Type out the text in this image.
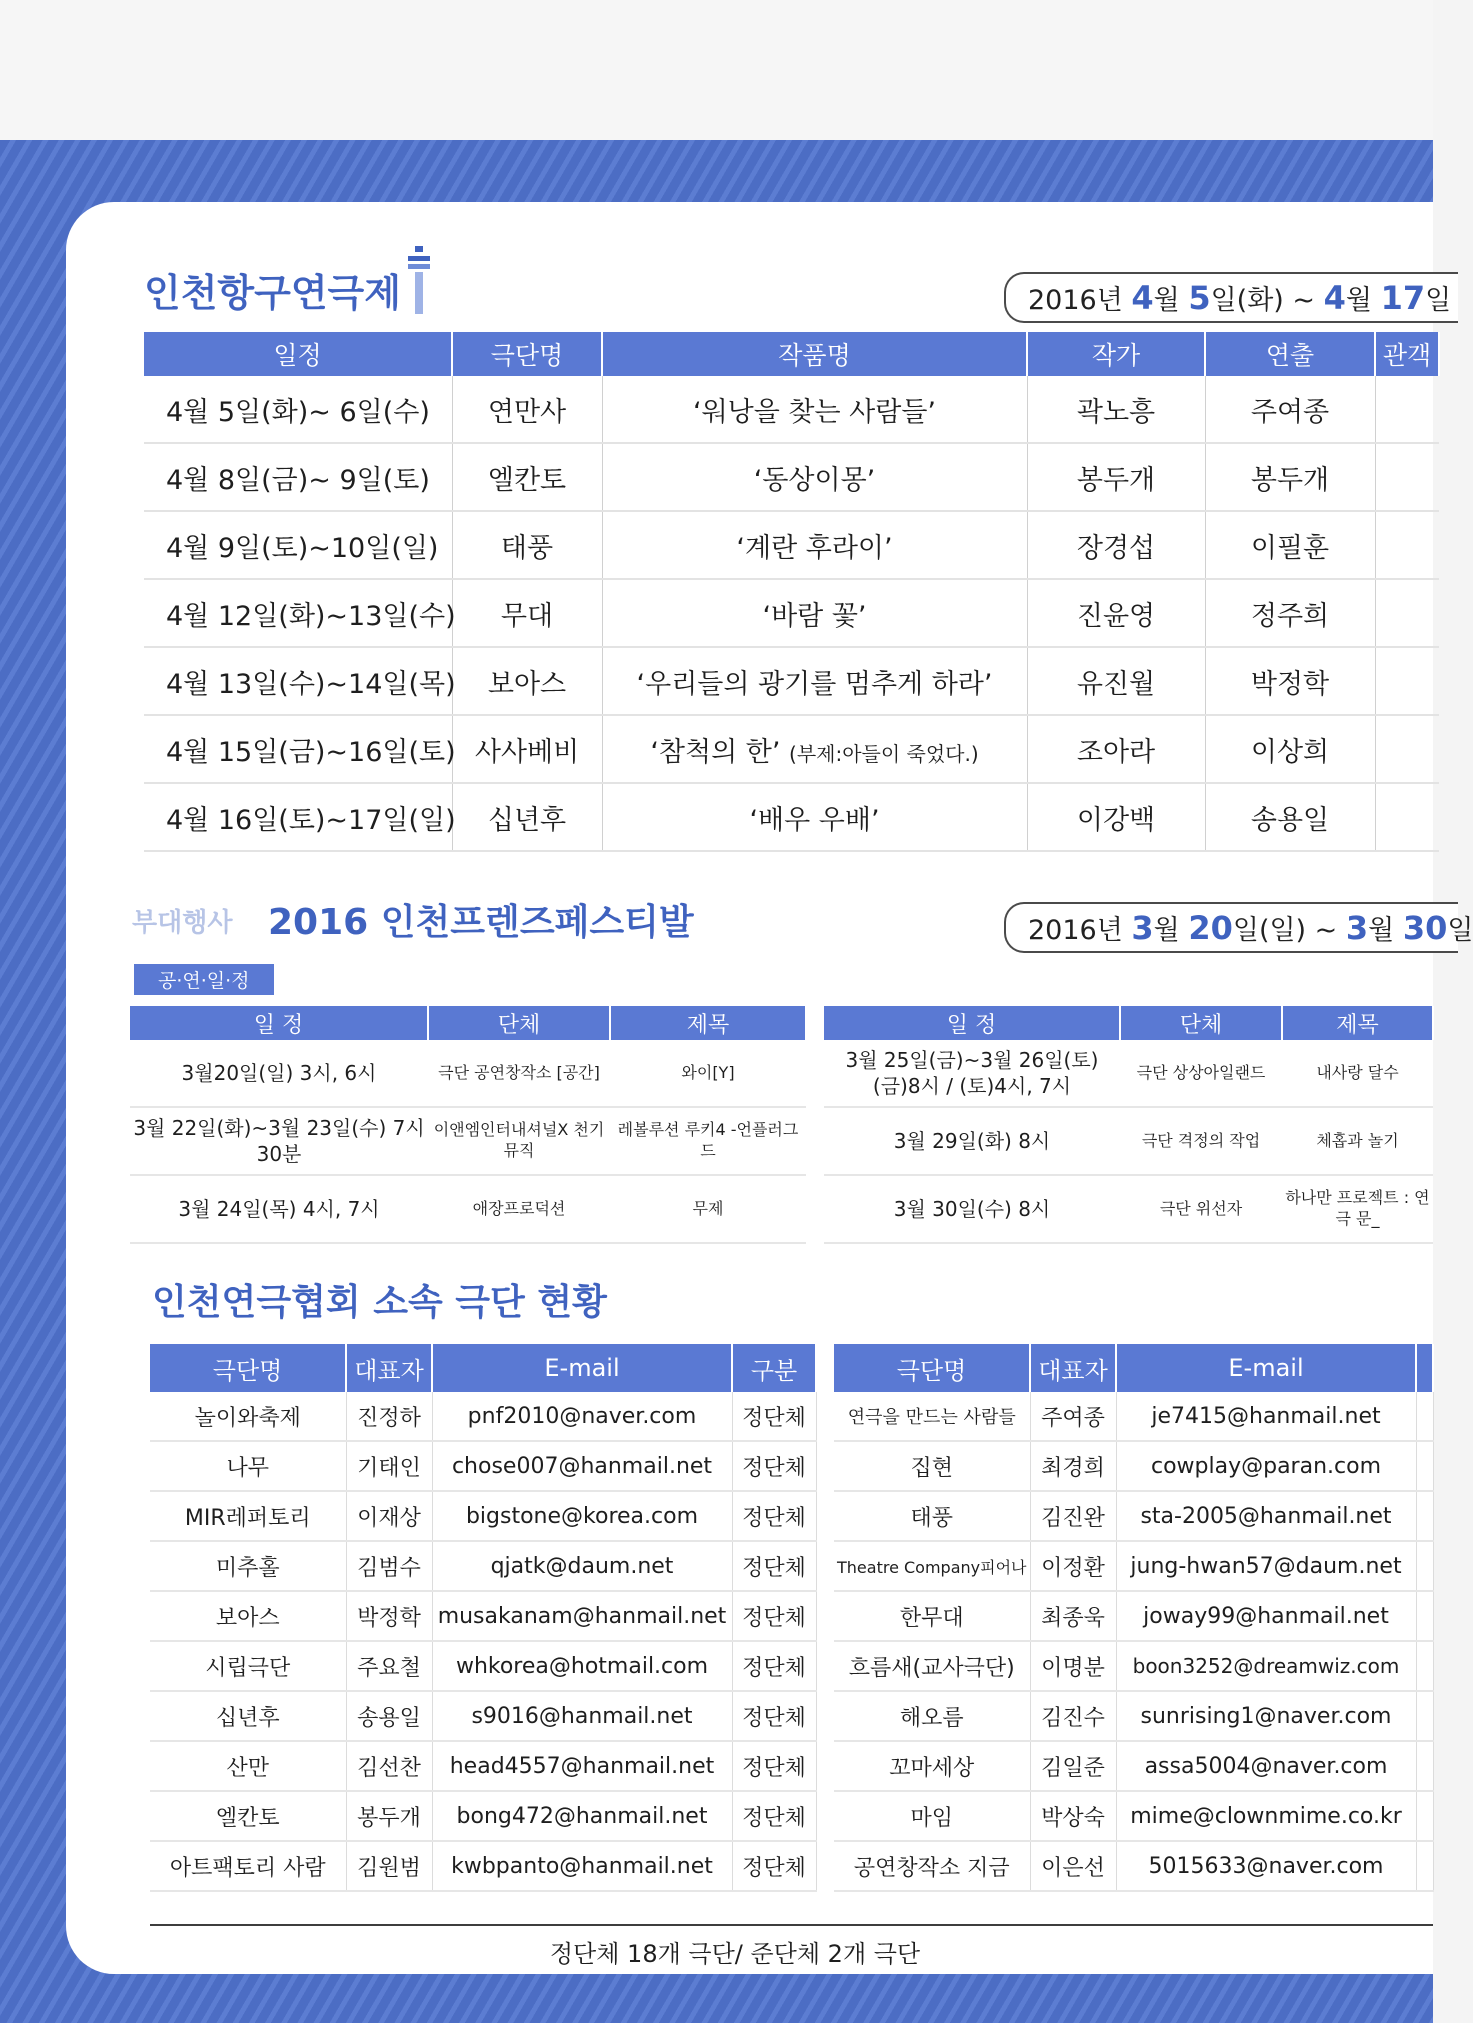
인천항구연극제	2016년 4월 5일(화) ~ 4월 17일
일정	극단명	작품명	작가	연출	관객
4월 5일(화)~ 6일(수)	연만사	‘워낭을 찾는 사람들’	곽노흥	주여종	
4월 8일(금)~ 9일(토)	엘칸토	‘동상이몽’	봉두개	봉두개	
4월 9일(토)~10일(일)	태풍	‘계란 후라이’	장경섭	이필훈	
4월 12일(화)~13일(수)	무대	‘바람 꽃’	진윤영	정주희	
4월 13일(수)~14일(목)	보아스	‘우리들의 광기를 멈추게 하라’	유진월	박정학	
4월 15일(금)~16일(토)	사사베비	‘참척의 한’ (부제:아들이 죽었다.)	조아라	이상희	
4월 16일(토)~17일(일)	십년후	‘배우 우배’	이강백	송용일	
부대행사 2016 인천프렌즈페스티발	2016년 3월 20일(일) ~ 3월 30일
공·연·일·정
일 정	단체	제목
3월20일(일) 3시, 6시	극단 공연창작소 [공간]	와이[Y]
3월 22일(화)~3월 23일(수) 7시 30분	이앤엠인터내셔널X 천기뮤직	레볼루션 루키4 -언플러그드
3월 24일(목) 4시, 7시	애장프로덕션	무제
일 정	단체	제목
3월 25일(금)~3월 26일(토) (금)8시 / (토)4시, 7시	극단 상상아일랜드	내사랑 달수
3월 29일(화) 8시	극단 격정의 작업	체홉과 놀기
3월 30일(수) 8시	극단 위선자	하나만 프로젝트 : 연극 문_
인천연극협회 소속 극단 현황
극단명	대표자	E-mail	구분
놀이와축제	진정하	pnf2010@naver.com	정단체
나무	기태인	chose007@hanmail.net	정단체
MIR레퍼토리	이재상	bigstone@korea.com	정단체
미추홀	김범수	qjatk@daum.net	정단체
보아스	박정학	musakanam@hanmail.net	정단체
시립극단	주요철	whkorea@hotmail.com	정단체
십년후	송용일	s9016@hanmail.net	정단체
산만	김선찬	head4557@hanmail.net	정단체
엘칸토	봉두개	bong472@hanmail.net	정단체
아트팩토리 사람	김원범	kwbpanto@hanmail.net	정단체
극단명	대표자	E-mail	
연극을 만드는 사람들	주여종	je7415@hanmail.net	
집현	최경희	cowplay@paran.com	
태풍	김진완	sta-2005@hanmail.net	
Theatre Company피어나	이정환	jung-hwan57@daum.net	
한무대	최종욱	joway99@hanmail.net	
흐름새(교사극단)	이명분	boon3252@dreamwiz.com	
해오름	김진수	sunrising1@naver.com	
꼬마세상	김일준	assa5004@naver.com	
마임	박상숙	mime@clownmime.co.kr	
공연창작소 지금	이은선	5015633@naver.com	
정단체 18개 극단/ 준단체 2개 극단
